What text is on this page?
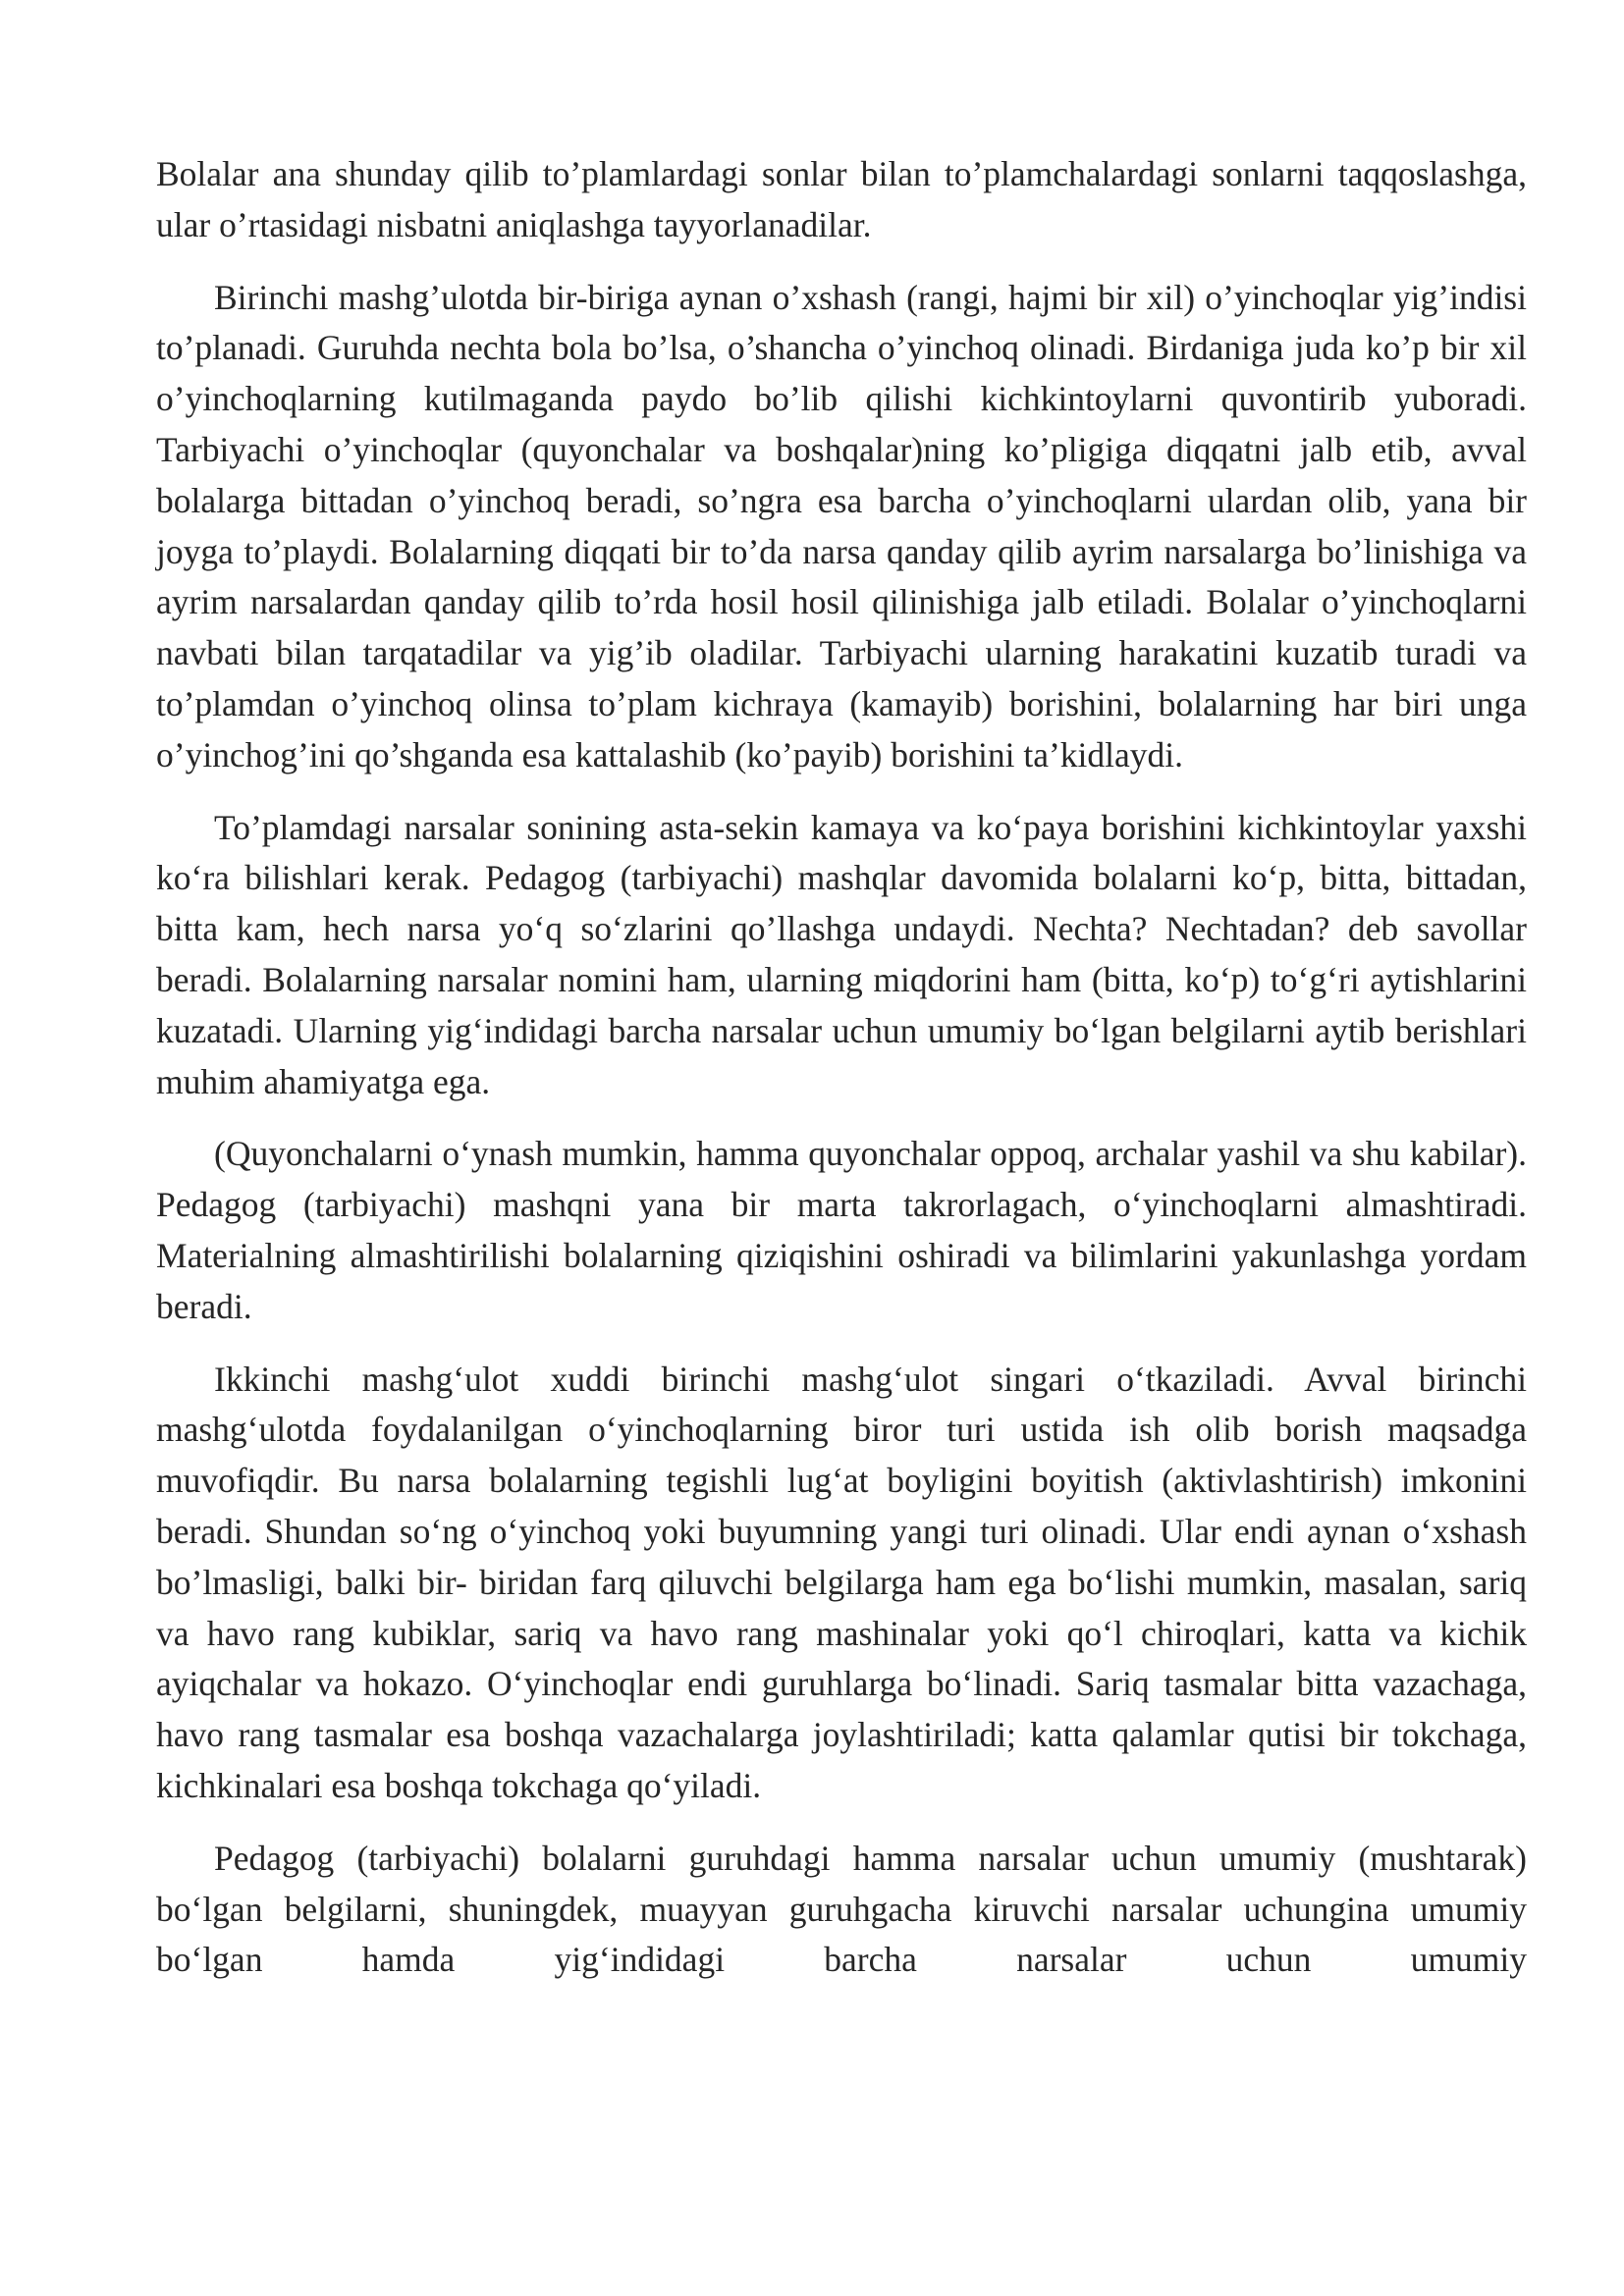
Bolalar ana shunday qilib to’plamlardagi sonlar bilan to’plamchalardagi sonlarni taqqoslashga, ular o’rtasidagi nisbatni aniqlashga tayyorlanadilar.

Birinchi mashg’ulotda bir-biriga aynan o’xshash (rangi, hajmi bir xil) o’yinchoqlar yig’indisi to’planadi. Guruhda nechta bola bo’lsa, o’shancha o’yinchoq olinadi. Birdaniga juda ko’p bir xil o’yinchoqlarning kutilmaganda paydo bo’lib qilishi kichkintoylarni quvontirib yuboradi. Tarbiyachi o’yinchoqlar (quyonchalar va boshqalar)ning ko’pligiga diqqatni jalb etib, avval bolalarga bittadan o’yinchoq beradi, so’ngra esa barcha o’yinchoqlarni ulardan olib, yana bir joyga to’playdi. Bolalarning diqqati bir to’da narsa qanday qilib ayrim narsalarga bo’linishiga va ayrim narsalardan qanday qilib to’rda hosil hosil qilinishiga jalb etiladi. Bolalar o’yinchoqlarni navbati bilan tarqatadilar va yig’ib oladilar. Tarbiyachi ularning harakatini kuzatib turadi va to’plamdan o’yinchoq olinsa to’plam kichraya (kamayib) borishini, bolalarning har biri unga o’yinchog’ini qo’shganda esa kattalashib (ko’payib) borishini ta’kidlaydi.

To’plamdagi narsalar sonining asta-sekin kamaya va ko‘paya borishini kichkintoylar yaxshi ko‘ra bilishlari kerak. Pedagog (tarbiyachi) mashqlar davomida bolalarni ko‘p, bitta, bittadan, bitta kam, hech narsa yo‘q so‘zlarini qo’llashga undaydi. Nechta? Nechtadan? deb savollar beradi. Bolalarning narsalar nomini ham, ularning miqdorini ham (bitta, ko‘p) to‘g‘ri aytishlarini kuzatadi. Ularning yig‘indidagi barcha narsalar uchun umumiy bo‘lgan belgilarni aytib berishlari muhim ahamiyatga ega.

(Quyonchalarni o‘ynash mumkin, hamma quyonchalar oppoq, archalar yashil va shu kabilar). Pedagog (tarbiyachi) mashqni yana bir marta takrorlagach, o‘yinchoqlarni almashtiradi. Materialning almashtirilishi bolalarning qiziqishini oshiradi va bilimlarini yakunlashga yordam beradi.

Ikkinchi mashg‘ulot xuddi birinchi mashg‘ulot singari o‘tkaziladi. Avval birinchi mashg‘ulotda foydalanilgan o‘yinchoqlarning biror turi ustida ish olib borish maqsadga muvofiqdir. Bu narsa bolalarning tegishli lug‘at boyligini boyitish (aktivlashtirish) imkonini beradi. Shundan so‘ng o‘yinchoq yoki buyumning yangi turi olinadi. Ular endi aynan o‘xshash bo’lmasligi, balki bir- biridan farq qiluvchi belgilarga ham ega bo‘lishi mumkin, masalan, sariq va havo rang kubiklar, sariq va havo rang mashinalar yoki qo‘l chiroqlari, katta va kichik ayiqchalar va hokazo. O‘yinchoqlar endi guruhlarga bo‘linadi. Sariq tasmalar bitta vazachaga, havo rang tasmalar esa boshqa vazachalarga joylashtiriladi; katta qalamlar qutisi bir tokchaga, kichkinalari esa boshqa tokchaga qo‘yiladi.

Pedagog (tarbiyachi) bolalarni guruhdagi hamma narsalar uchun umumiy (mushtarak) bo‘lgan belgilarni, shuningdek, muayyan guruhgacha kiruvchi narsalar uchungina umumiy bo‘lgan hamda yig‘indidagi barcha narsalar uchun umumiy
